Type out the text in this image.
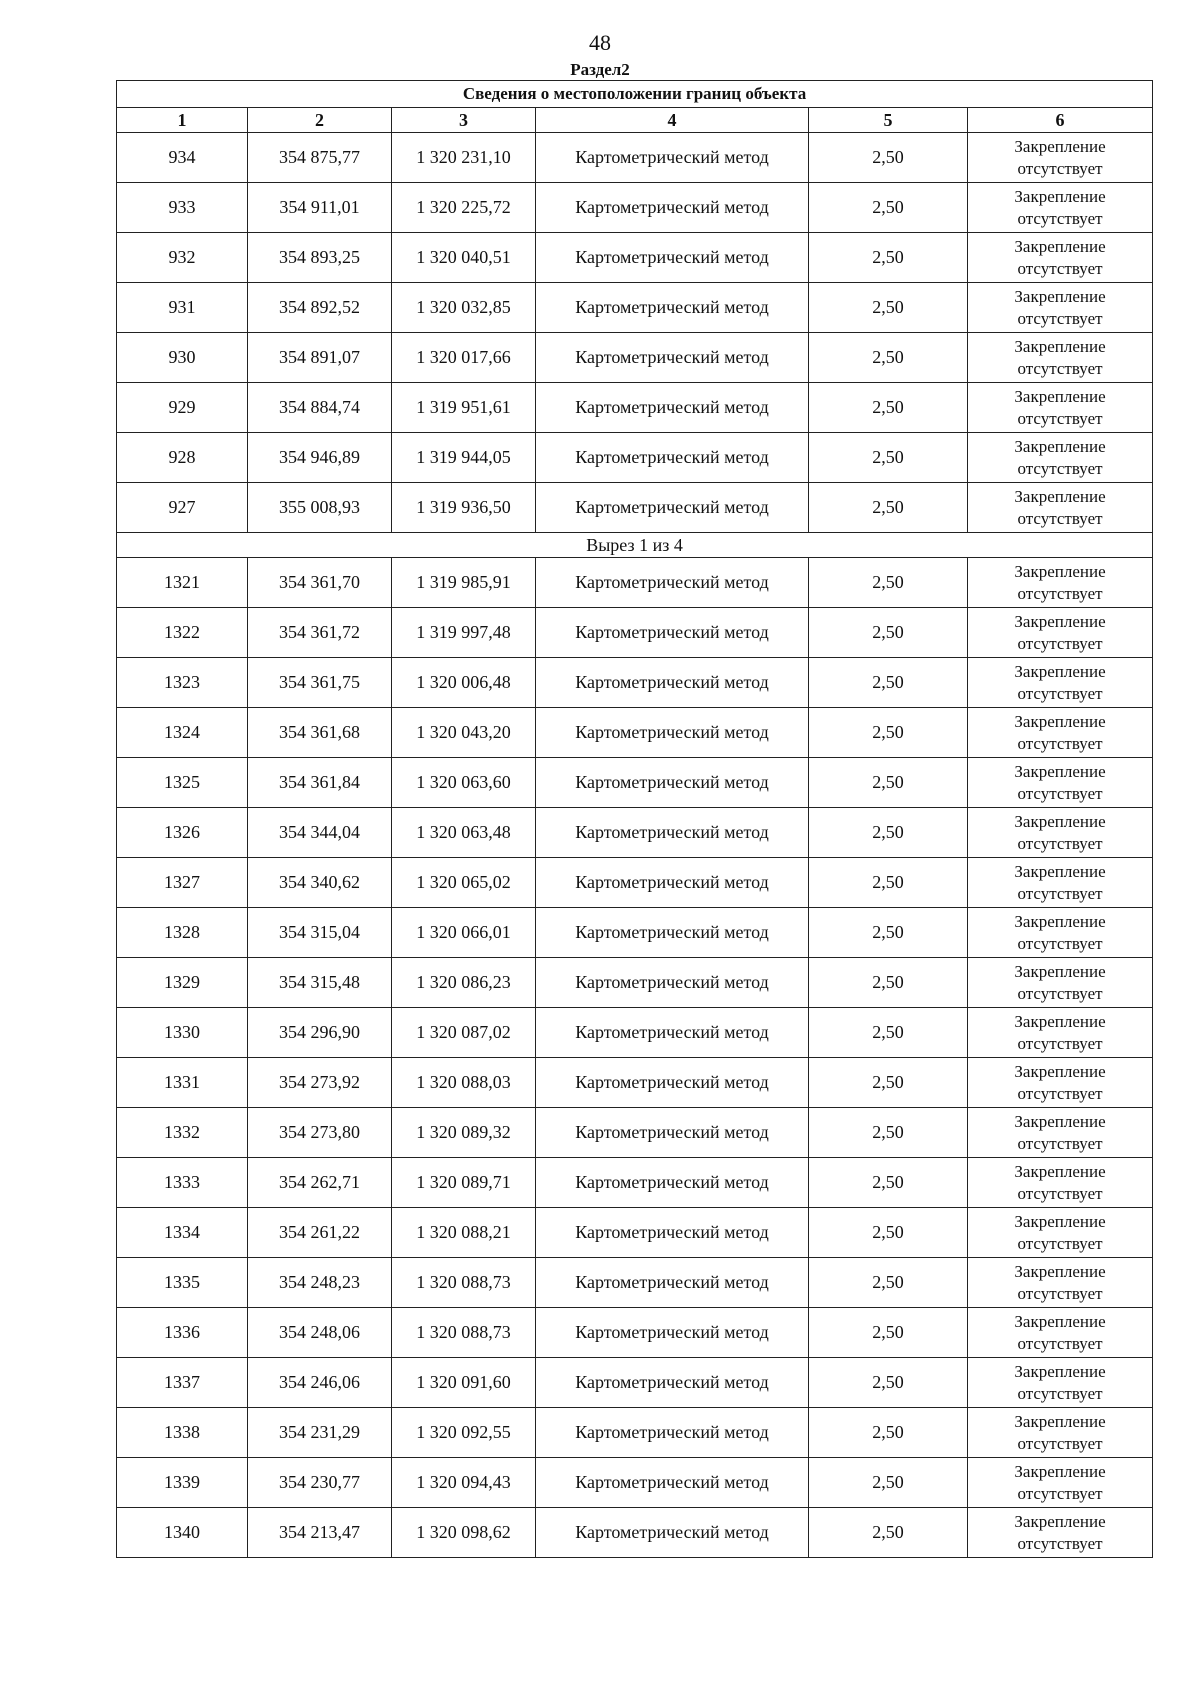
48
Раздел2
Сведения о местоположении границ объекта					
1	2	3	4	5	6
934	354 875,77	1 320 231,10	Картометрический метод	2,50	Закрепление
отсутствует

933	354 911,01	1 320 225,72	Картометрический метод	2,50	Закрепление
отсутствует

932	354 893,25	1 320 040,51	Картометрический метод	2,50	Закрепление
отсутствует

931	354 892,52	1 320 032,85	Картометрический метод	2,50	Закрепление
отсутствует

930	354 891,07	1 320 017,66	Картометрический метод	2,50	Закрепление
отсутствует

929	354 884,74	1 319 951,61	Картометрический метод	2,50	Закрепление
отсутствует

928	354 946,89	1 319 944,05	Картометрический метод	2,50	Закрепление
отсутствует

927	355 008,93	1 319 936,50	Картометрический метод	2,50	Закрепление
отсутствует

Вырез 1 из 4					
1321	354 361,70	1 319 985,91	Картометрический метод	2,50	Закрепление
отсутствует

1322	354 361,72	1 319 997,48	Картометрический метод	2,50	Закрепление
отсутствует

1323	354 361,75	1 320 006,48	Картометрический метод	2,50	Закрепление
отсутствует

1324	354 361,68	1 320 043,20	Картометрический метод	2,50	Закрепление
отсутствует

1325	354 361,84	1 320 063,60	Картометрический метод	2,50	Закрепление
отсутствует

1326	354 344,04	1 320 063,48	Картометрический метод	2,50	Закрепление
отсутствует

1327	354 340,62	1 320 065,02	Картометрический метод	2,50	Закрепление
отсутствует

1328	354 315,04	1 320 066,01	Картометрический метод	2,50	Закрепление
отсутствует

1329	354 315,48	1 320 086,23	Картометрический метод	2,50	Закрепление
отсутствует

1330	354 296,90	1 320 087,02	Картометрический метод	2,50	Закрепление
отсутствует

1331	354 273,92	1 320 088,03	Картометрический метод	2,50	Закрепление
отсутствует

1332	354 273,80	1 320 089,32	Картометрический метод	2,50	Закрепление
отсутствует

1333	354 262,71	1 320 089,71	Картометрический метод	2,50	Закрепление
отсутствует

1334	354 261,22	1 320 088,21	Картометрический метод	2,50	Закрепление
отсутствует

1335	354 248,23	1 320 088,73	Картометрический метод	2,50	Закрепление
отсутствует

1336	354 248,06	1 320 088,73	Картометрический метод	2,50	Закрепление
отсутствует

1337	354 246,06	1 320 091,60	Картометрический метод	2,50	Закрепление
отсутствует

1338	354 231,29	1 320 092,55	Картометрический метод	2,50	Закрепление
отсутствует

1339	354 230,77	1 320 094,43	Картометрический метод	2,50	Закрепление
отсутствует

1340	354 213,47	1 320 098,62	Картометрический метод	2,50	Закрепление
отсутствует
